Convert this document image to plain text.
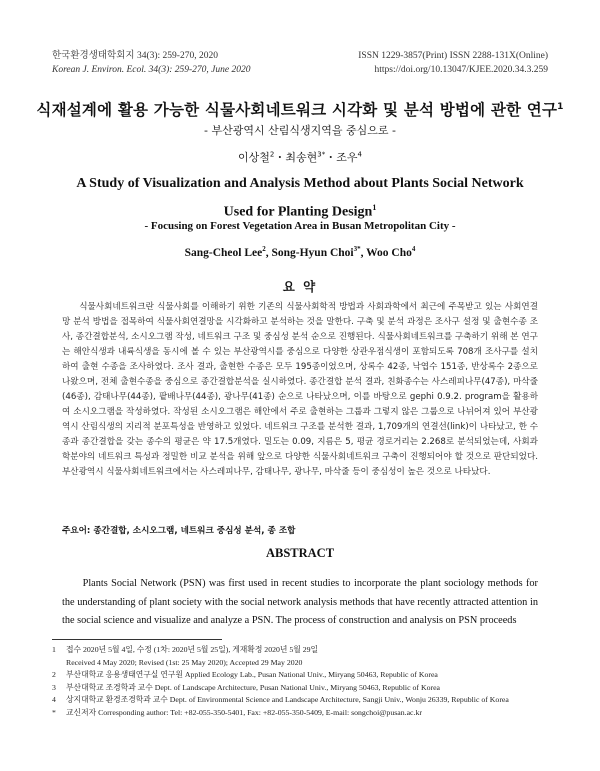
한국환경생태학회지 34(3): 259-270, 2020
Korean J. Environ. Ecol. 34(3): 259-270, June 2020
ISSN 1229-3857(Print) ISSN 2288-131X(Online)
https://doi.org/10.13047/KJEE.2020.34.3.259
식재설계에 활용 가능한 식물사회네트워크 시각화 및 분석 방법에 관한 연구$^1$
- 부산광역시 산림식생지역을 중심으로 -
이상철$^2$・최송현$^{3*}$・조우$^4$
A Study of Visualization and Analysis Method about Plants Social Network Used for Planting Design$^1$
- Focusing on Forest Vegetation Area in Busan Metropolitan City -
Sang-Cheol Lee$^2$, Song-Hyun Choi$^{3*}$, Woo Cho$^4$
요 약
식물사회네트워크란 식물사회를 이해하기 위한 기존의 식물사회학적 방법과 사회과학에서 최근에 주목받고 있는 사회연결망 분석 방법을 접목하여 식물사회연결망을 시각화하고 분석하는 것을 말한다. 구축 및 분석 과정은 조사구 설정 및 출현수종 조사, 종간결합분석, 소시오그램 작성, 네트워크 구조 및 중심성 분석 순으로 진행된다. 식물사회네트워크를 구축하기 위해 본 연구는 해안식생과 내륙식생을 동시에 볼 수 있는 부산광역시를 중심으로 다양한 상관우점식생이 포함되도록 708개 조사구를 설치하여 출현 수종을 조사하였다. 조사 결과, 출현한 수종은 모두 195종이었으며, 상록수 42종, 낙엽수 151종, 반상록수 2종으로 나왔으며, 전체 출현수종을 중심으로 종간결합분석을 실시하였다. 종간결합 분석 결과, 친화종수는 사스레피나무(47종), 마삭줄(46종), 감태나무(44종), 팥배나무(44종), 광나무(41종) 순으로 나타났으며, 이를 바탕으로 gephi 0.9.2. program을 활용하여 소시오그램을 작성하였다. 작성된 소시오그램은 해안에서 주로 출현하는 그룹과 그렇지 않은 그룹으로 나뉘어져 있어 부산광역시 산림식생의 지리적 분포특성을 반영하고 있었다. 네트워크 구조를 분석한 결과, 1,709개의 연결선(link)이 나타났고, 한 수종과 종간결합을 갖는 종수의 평균은 약 17.5개였다. 밀도는 0.09, 지름은 5, 평균 경로거리는 2.268로 분석되었는데, 사회과학분야의 네트워크 특성과 정밀한 비교 분석을 위해 앞으로 다양한 식물사회네트워크 구축이 진행되어야 할 것으로 판단되었다. 부산광역시 식물사회네트워크에서는 사스레피나무, 감태나무, 광나무, 마삭줄 등이 중심성이 높은 것으로 나타났다.
주요어: 종간결합, 소시오그램, 네트워크 중심성 분석, 종 조합
ABSTRACT
Plants Social Network (PSN) was first used in recent studies to incorporate the plant sociology methods for the understanding of plant society with the social network analysis methods that have recently attracted attention in the social science and visualize and analyze a PSN. The process of construction and analysis on PSN proceeds
1	접수 2020년 5월 4일, 수정 (1차: 2020년 5월 25일), 게재확정 2020년 5월 29일
Received 4 May 2020; Revised (1st: 25 May 2020); Accepted 29 May 2020
2	부산대학교 응용생태연구실 연구원 Applied Ecology Lab., Pusan National Univ., Miryang 50463, Republic of Korea
3	부산대학교 조경학과 교수 Dept. of Landscape Architecture, Pusan National Univ., Miryang 50463, Republic of Korea
4	상지대학교 환경조경학과 교수 Dept. of Environmental Science and Landscape Architecture, Sangji Univ., Wonju 26339, Republic of Korea
*	교신저자 Corresponding author: Tel: +82-055-350-5401, Fax: +82-055-350-5409, E-mail: songchoi@pusan.ac.kr
